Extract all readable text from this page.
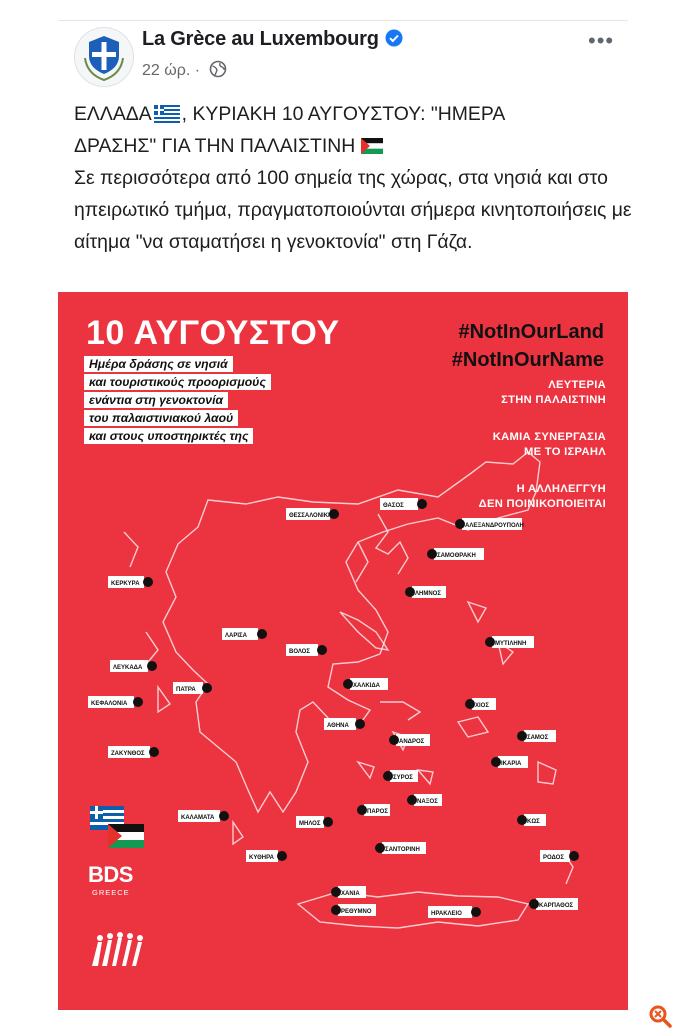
La Grèce au Luxembourg
22 ώρ. ·
•••

ΕΛΛΑΔΑ , ΚΥΡΙΑΚΗ 10 ΑΥΓΟΥΣΤΟΥ: "ΗΜΕΡΑ
ΔΡΑΣΗΣ" ΓΙΑ ΤΗΝ ΠΑΛΑΙΣΤΙΝΗ

Σε περισσότερα από 100 σημεία της χώρας, στα νησιά και στο ηπειρωτικό τμήμα, πραγματοποιούνται σήμερα κινητοποιήσεις με αίτημα "να σταματήσει η γενοκτονία" στη Γάζα.

ΘΕΣΣΑΛΟΝΙΚΗ
ΘΑΣΟΣ
ΑΛΕΞΑΝΔΡΟΥΠΟΛΗ
ΣΑΜΟΘΡΑΚΗ
ΚΕΡΚΥΡΑ
ΛΗΜΝΟΣ
ΛΑΡΙΣΑ
ΒΟΛΟΣ
ΜΥΤΙΛΗΝΗ
ΛΕΥΚΑΔΑ
ΧΑΛΚΙΔΑ
ΚΕΦΑΛΟΝΙΑ
ΠΑΤΡΑ
ΧΙΟΣ
ΑΘΗΝΑ
ΖΑΚΥΝΘΟΣ
ΑΝΔΡΟΣ
ΣΑΜΟΣ
ΙΚΑΡΙΑ
ΚΑΛΑΜΑΤΑ
ΣΥΡΟΣ
ΝΑΞΟΣ
ΠΑΡΟΣ
ΜΗΛΟΣ
ΣΑΝΤΟΡΙΝΗ
ΚΩΣ
ΡΟΔΟΣ
ΚΥΘΗΡΑ
ΧΑΝΙΑ
ΡΕΘΥΜΝΟ	ΗΡΑΚΛΕΙΟ
ΚΑΡΠΑΘΟΣ
10 ΑΥΓΟΥΣΤΟΥ
Ημέρα δράσης σε νησιά
και τουριστικούς προορισμούς
ενάντια στη γενοκτονία
του παλαιστινιακού λαού
και στους υποστηρικτές της
#NotInOurLand
#NotInOurName
ΛΕΥΤΕΡΙΑ
ΣΤΗΝ ΠΑΛΑΙΣΤΙΝΗ
ΚΑΜΙΑ ΣΥΝΕΡΓΑΣΙΑ
ΜΕ ΤΟ ΙΣΡΑΗΛ
Η ΑΛΛΗΛΕΓΓΥΗ
ΔΕΝ ΠΟΙΝΙΚΟΠΟΙΕΙΤΑΙ
BDS
GREECE
